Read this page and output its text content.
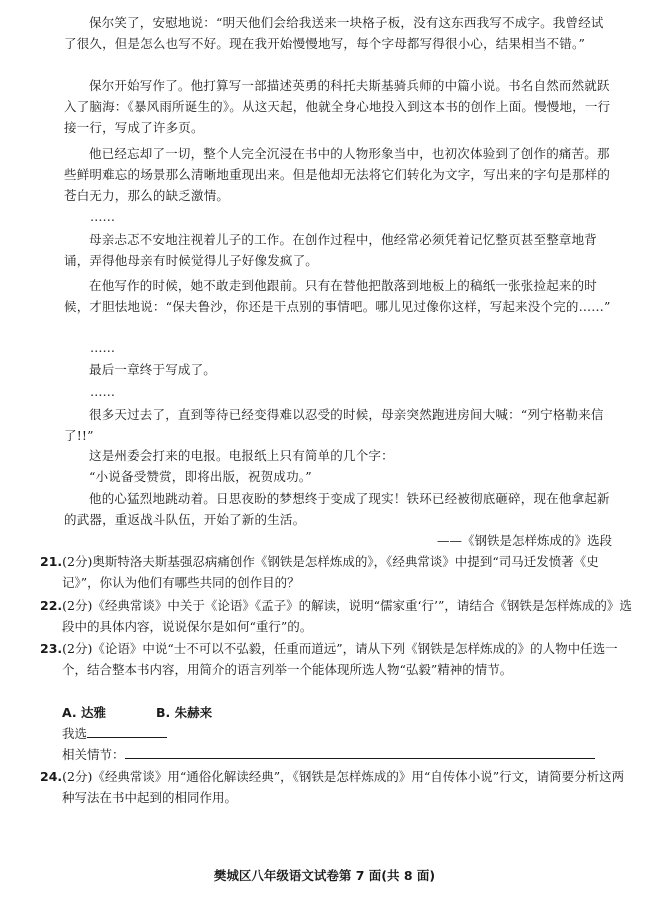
保尔笑了，安慰地说：“明天他们会给我送来一块格子板，没有这东西我写不成字。我曾经试了很久，但是怎么也写不好。现在我开始慢慢地写，每个字母都写得很小心，结果相当不错。”

保尔开始写作了。他打算写一部描述英勇的科托夫斯基骑兵师的中篇小说。书名自然而然就跃入了脑海：《暴风雨所诞生的》。从这天起，他就全身心地投入到这本书的创作上面。慢慢地，一行接一行，写成了许多页。

他已经忘却了一切，整个人完全沉浸在书中的人物形象当中，也初次体验到了创作的痛苦。那些鲜明难忘的场景那么清晰地重现出来。但是他却无法将它们转化为文字，写出来的字句是那样的苍白无力，那么的缺乏激情。

……

母亲忐忑不安地注视着儿子的工作。在创作过程中，他经常必须凭着记忆整页甚至整章地背诵，弄得他母亲有时候觉得儿子好像发疯了。

在他写作的时候，她不敢走到他跟前。只有在替他把散落到地板上的稿纸一张张捡起来的时候，才胆怯地说：“保夫鲁沙，你还是干点别的事情吧。哪儿见过像你这样，写起来没个完的……”

……

最后一章终于写成了。

……

很多天过去了，直到等待已经变得难以忍受的时候，母亲突然跑进房间大喊：“列宁格勒来信了!!”

这是州委会打来的电报。电报纸上只有简单的几个字：

“小说备受赞赏，即将出版，祝贺成功。”

他的心猛烈地跳动着。日思夜盼的梦想终于变成了现实！铁环已经被彻底砸碎，现在他拿起新的武器，重返战斗队伍，开始了新的生活。

——《钢铁是怎样炼成的》选段

21.(2分)奥斯特洛夫斯基强忍病痛创作《钢铁是怎样炼成的》，《经典常谈》中提到“司马迁发愤著《史记》”，你认为他们有哪些共同的创作目的？

22.(2分)《经典常谈》中关于《论语》《孟子》的解读，说明“儒家重‘行’”，请结合《钢铁是怎样炼成的》选段中的具体内容，说说保尔是如何“重行”的。

23.(2分)《论语》中说“士不可以不弘毅，任重而道远”，请从下列《钢铁是怎样炼成的》的人物中任选一个，结合整本书内容，用简介的语言列举一个能体现所选人物“弘毅”精神的情节。

A. 达雅	B. 朱赫来

我选

相关情节：

24.(2分)《经典常谈》用“通俗化解读经典”，《钢铁是怎样炼成的》用“自传体小说”行文，请简要分析这两种写法在书中起到的相同作用。

樊城区八年级语文试卷第 7 面(共 8 面)
